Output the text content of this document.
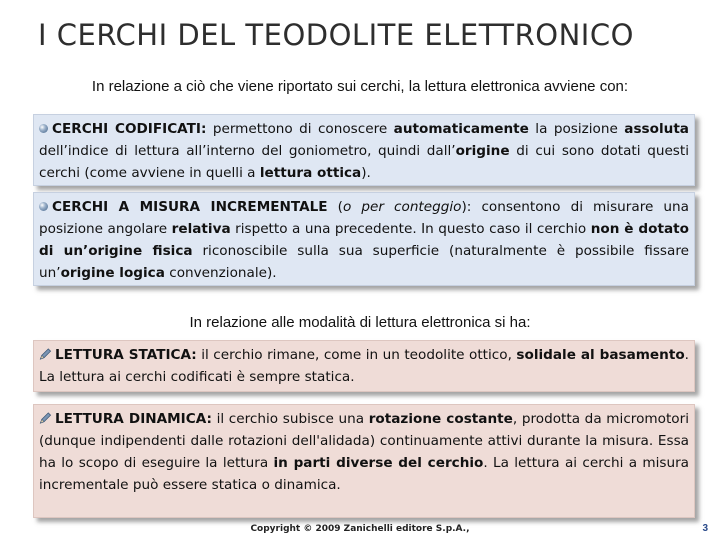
I CERCHI DEL TEODOLITE ELETTRONICO

In relazione a ciò che viene riportato sui cerchi, la lettura elettronica avviene con:

CERCHI CODIFICATI: permettono di conoscere automaticamente la posizione assoluta dell’indice di lettura all’interno del goniometro, quindi dall’origine di cui sono dotati questi cerchi (come avviene in quelli a lettura ottica).
CERCHI A MISURA INCREMENTALE (o per conteggio): consentono di misurare una posizione angolare relativa rispetto a una precedente. In questo caso il cerchio non è dotato di un’origine fisica riconoscibile sulla sua superficie (naturalmente è possibile fissare un’origine logica convenzionale).

In relazione alle modalità di lettura elettronica si ha:

LETTURA STATICA: il cerchio rimane, come in un teodolite ottico, solidale al basamento. La lettura ai cerchi codificati è sempre statica.
LETTURA DINAMICA: il cerchio subisce una rotazione costante, prodotta da micromotori (dunque indipendenti dalle rotazioni dell'alidada) continuamente attivi durante la misura. Essa ha lo scopo di eseguire la lettura in parti diverse del cerchio. La lettura ai cerchi a misura incrementale può essere statica o dinamica.
Copyright © 2009 Zanichelli editore S.p.A.,	3
